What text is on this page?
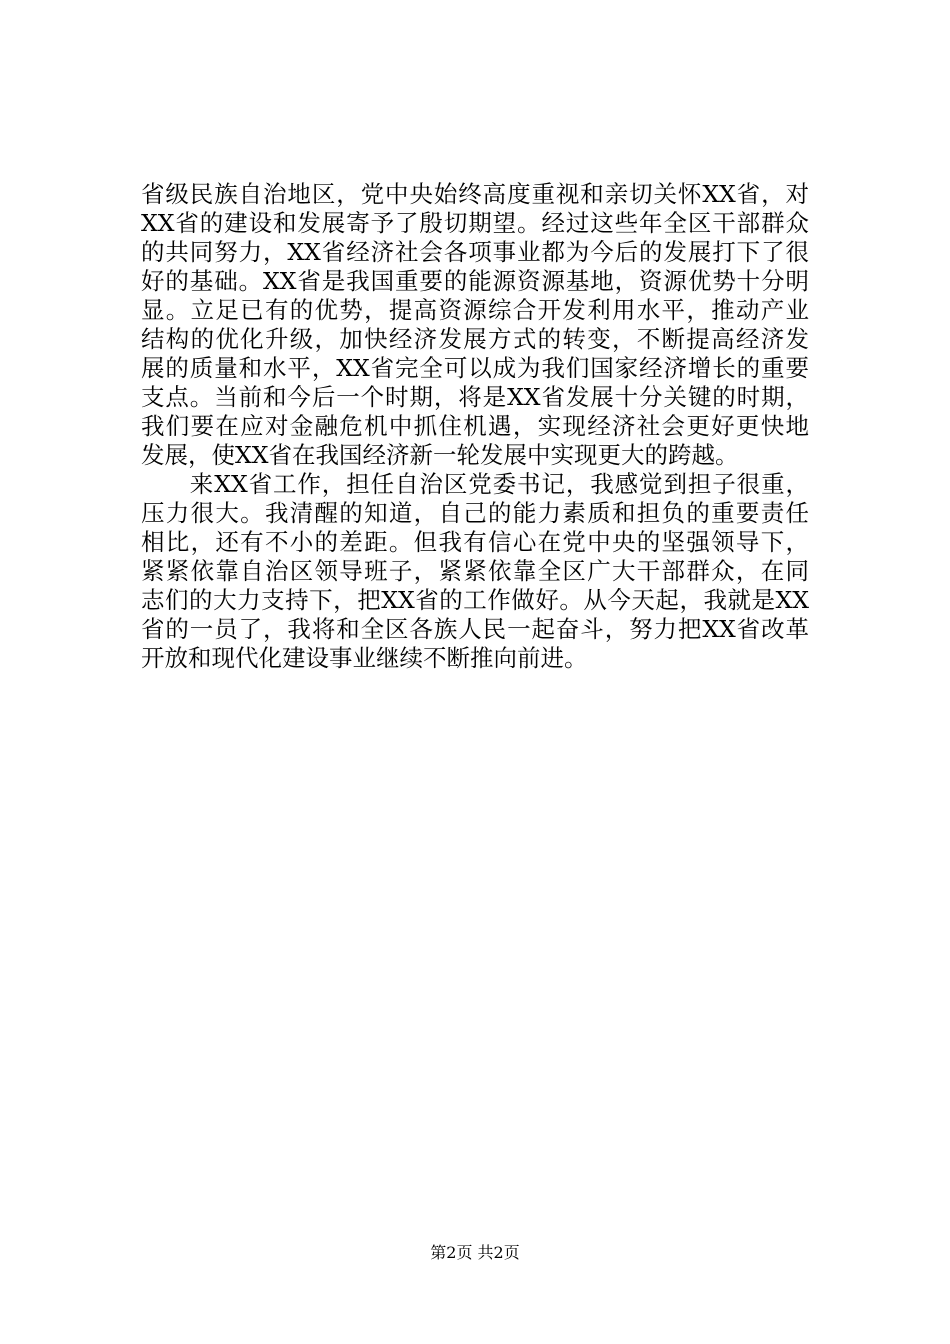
省级民族自治地区，党中央始终高度重视和亲切关怀XX省，对
XX省的建设和发展寄予了殷切期望。经过这些年全区干部群众
的共同努力，XX省经济社会各项事业都为今后的发展打下了很
好的基础。XX省是我国重要的能源资源基地，资源优势十分明
显。立足已有的优势，提高资源综合开发利用水平，推动产业
结构的优化升级，加快经济发展方式的转变，不断提高经济发
展的质量和水平，XX省完全可以成为我们国家经济增长的重要
支点。当前和今后一个时期，将是XX省发展十分关键的时期，
我们要在应对金融危机中抓住机遇，实现经济社会更好更快地
发展，使XX省在我国经济新一轮发展中实现更大的跨越。
　　来XX省工作，担任自治区党委书记，我感觉到担子很重，
压力很大。我清醒的知道，自己的能力素质和担负的重要责任
相比，还有不小的差距。但我有信心在党中央的坚强领导下，
紧紧依靠自治区领导班子，紧紧依靠全区广大干部群众，在同
志们的大力支持下，把XX省的工作做好。从今天起，我就是XX
省的一员了，我将和全区各族人民一起奋斗，努力把XX省改革
开放和现代化建设事业继续不断推向前进。
第2页 共2页
